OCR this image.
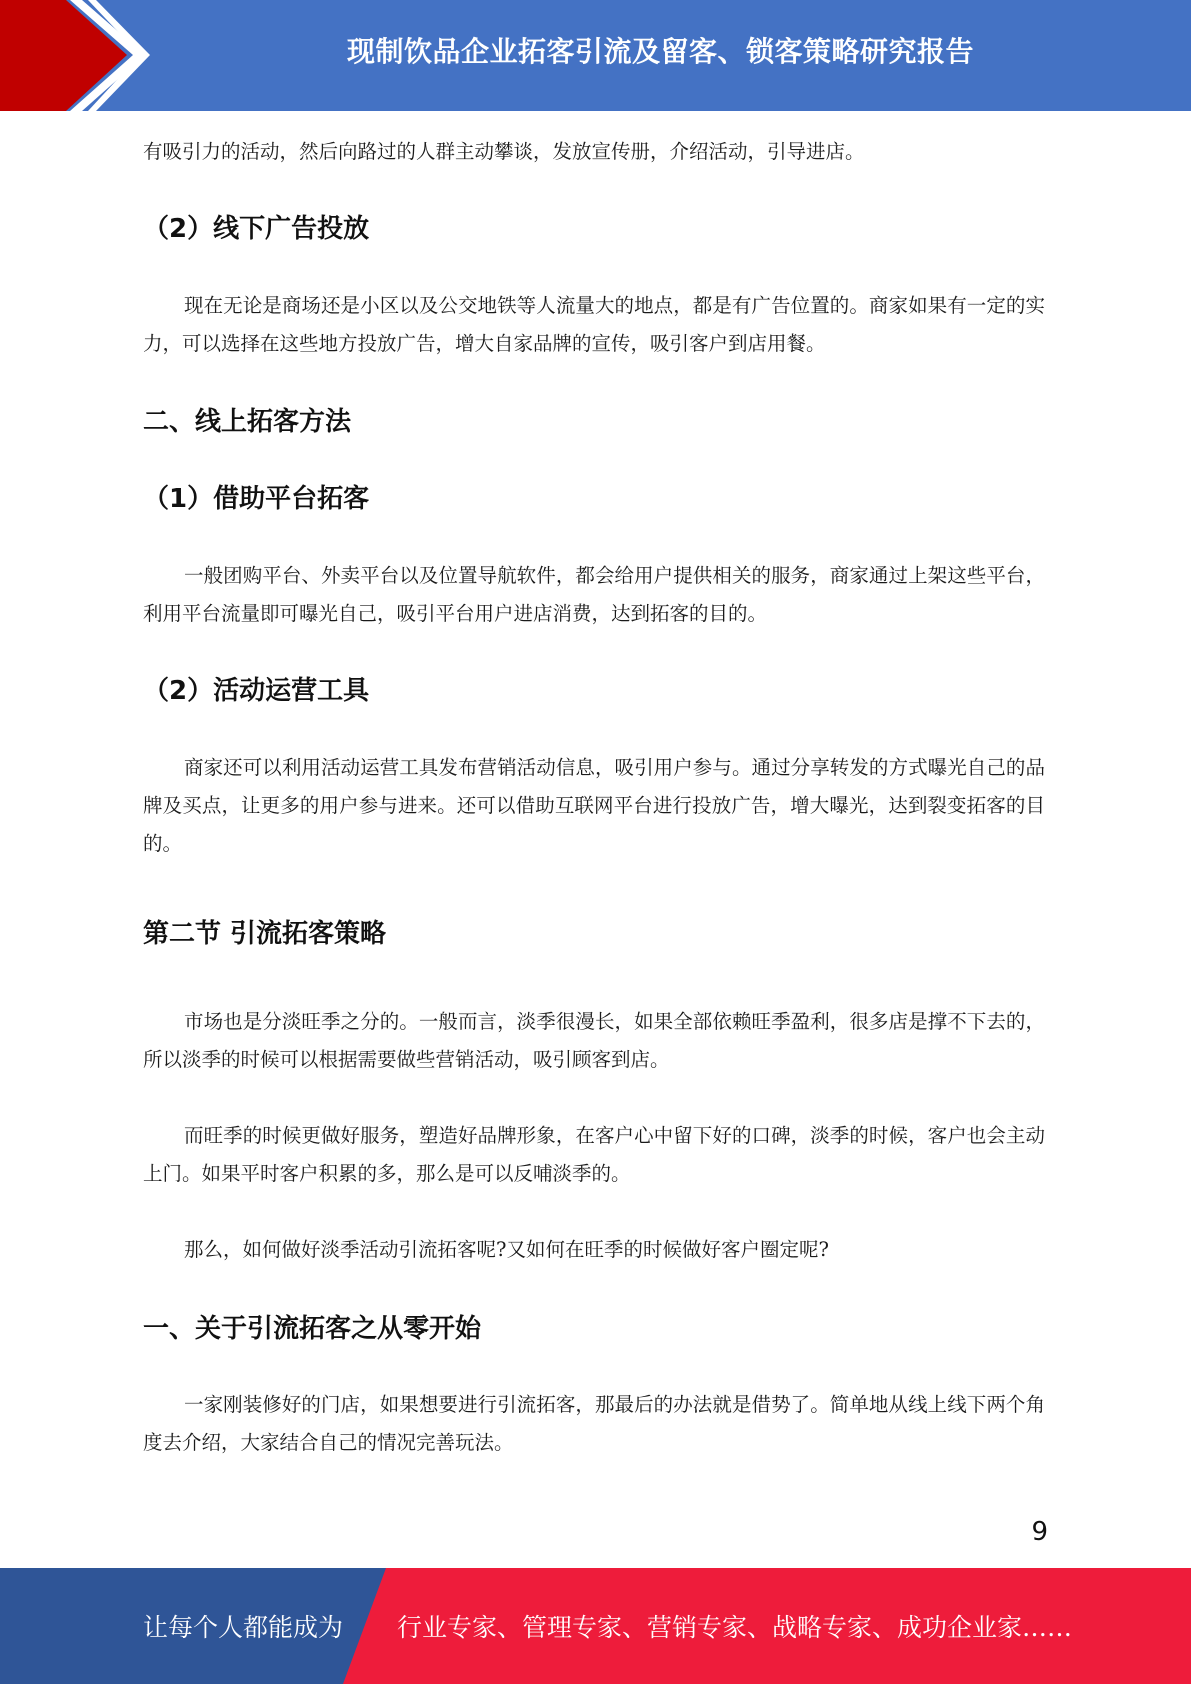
现制饮品企业拓客引流及留客、锁客策略研究报告
有吸引力的活动，然后向路过的人群主动攀谈，发放宣传册，介绍活动，引导进店。
（2）线下广告投放
现在无论是商场还是小区以及公交地铁等人流量大的地点，都是有广告位置的。商家如果有一定的实力，可以选择在这些地方投放广告，增大自家品牌的宣传，吸引客户到店用餐。
二、线上拓客方法
（1）借助平台拓客
一般团购平台、外卖平台以及位置导航软件，都会给用户提供相关的服务，商家通过上架这些平台，利用平台流量即可曝光自己，吸引平台用户进店消费，达到拓客的目的。
（2）活动运营工具
商家还可以利用活动运营工具发布营销活动信息，吸引用户参与。通过分享转发的方式曝光自己的品牌及买点，让更多的用户参与进来。还可以借助互联网平台进行投放广告，增大曝光，达到裂变拓客的目的。
第二节 引流拓客策略
市场也是分淡旺季之分的。一般而言，淡季很漫长，如果全部依赖旺季盈利，很多店是撑不下去的，所以淡季的时候可以根据需要做些营销活动，吸引顾客到店。
而旺季的时候更做好服务，塑造好品牌形象，在客户心中留下好的口碑，淡季的时候，客户也会主动上门。如果平时客户积累的多，那么是可以反哺淡季的。
那么，如何做好淡季活动引流拓客呢?又如何在旺季的时候做好客户圈定呢?
一、关于引流拓客之从零开始
一家刚装修好的门店，如果想要进行引流拓客，那最后的办法就是借势了。简单地从线上线下两个角度去介绍，大家结合自己的情况完善玩法。
9
让每个人都能成为 行业专家、管理专家、营销专家、战略专家、成功企业家……
